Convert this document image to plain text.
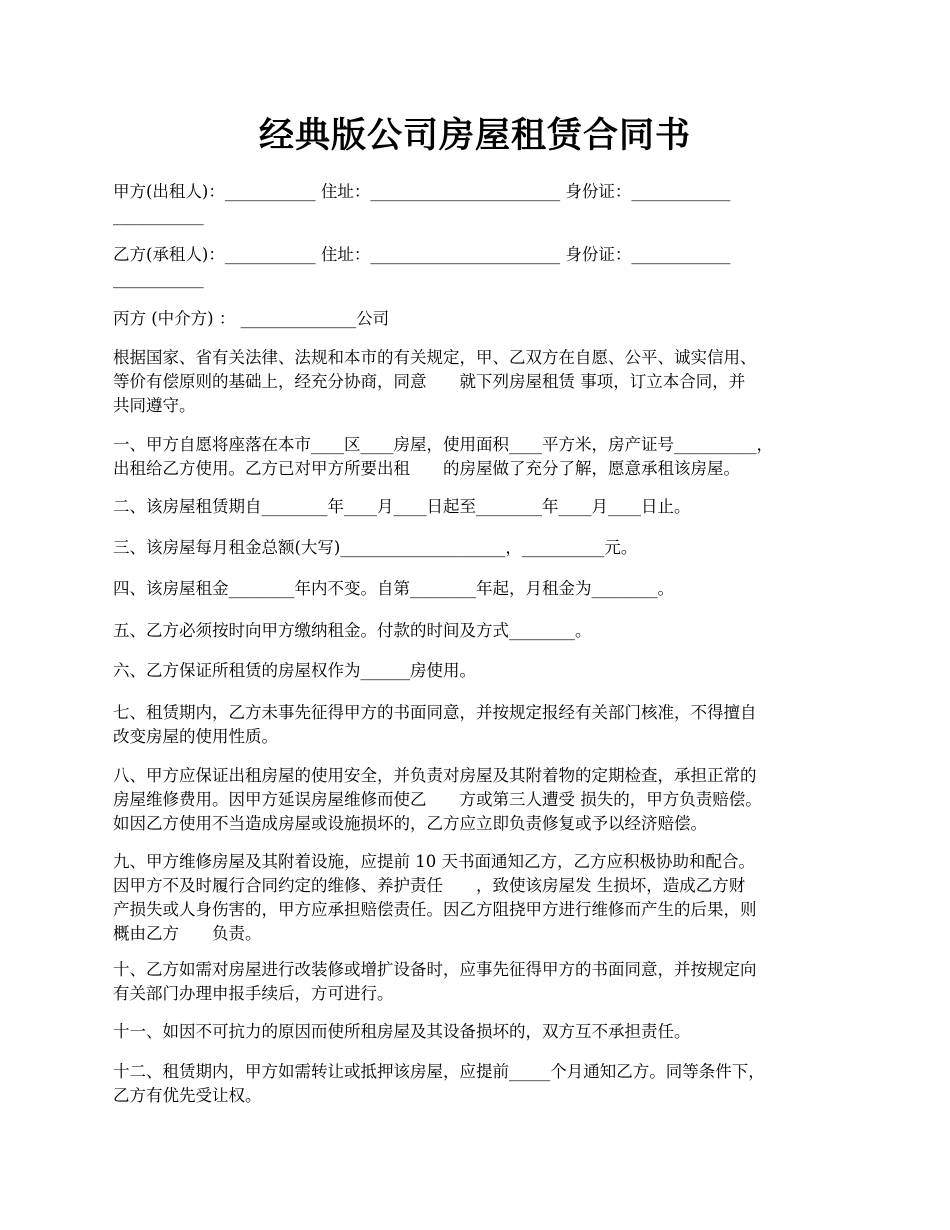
经典版公司房屋租赁合同书
甲方(出租人)：___________ 住址：_______________________ 身份证：____________
___________
乙方(承租人)：___________ 住址：_______________________ 身份证：____________
___________
丙方 (中介方) ： ______________公司
根据国家、省有关法律、法规和本市的有关规定，甲、乙双方在自愿、公平、诚实信用、
等价有偿原则的基础上，经充分协商，同意　　就下列房屋租赁 事项，订立本合同，并
共同遵守。
一、甲方自愿将座落在本市____区____房屋，使用面积____平方米，房产证号__________，
出租给乙方使用。乙方已对甲方所要出租　　的房屋做了充分了解，愿意承租该房屋。
二、该房屋租赁期自________年____月____日起至________年____月____日止。
三、该房屋每月租金总额(大写)____________________，__________元。
四、该房屋租金________年内不变。自第________年起，月租金为________。
五、乙方必须按时向甲方缴纳租金。付款的时间及方式________。
六、乙方保证所租赁的房屋权作为______房使用。
七、租赁期内，乙方未事先征得甲方的书面同意，并按规定报经有关部门核准，不得擅自
改变房屋的使用性质。
八、甲方应保证出租房屋的使用安全，并负责对房屋及其附着物的定期检查，承担正常的
房屋维修费用。因甲方延误房屋维修而使乙　　方或第三人遭受 损失的，甲方负责赔偿。
如因乙方使用不当造成房屋或设施损坏的，乙方应立即负责修复或予以经济赔偿。
九、甲方维修房屋及其附着设施，应提前 10 天书面通知乙方，乙方应积极协助和配合。
因甲方不及时履行合同约定的维修、养护责任　　，致使该房屋发 生损坏，造成乙方财
产损失或人身伤害的，甲方应承担赔偿责任。因乙方阻挠甲方进行维修而产生的后果，则
概由乙方　　负责。
十、乙方如需对房屋进行改装修或增扩设备时，应事先征得甲方的书面同意，并按规定向
有关部门办理申报手续后，方可进行。
十一、如因不可抗力的原因而使所租房屋及其设备损坏的，双方互不承担责任。
十二、租赁期内，甲方如需转让或抵押该房屋，应提前_____个月通知乙方。同等条件下，
乙方有优先受让权。
